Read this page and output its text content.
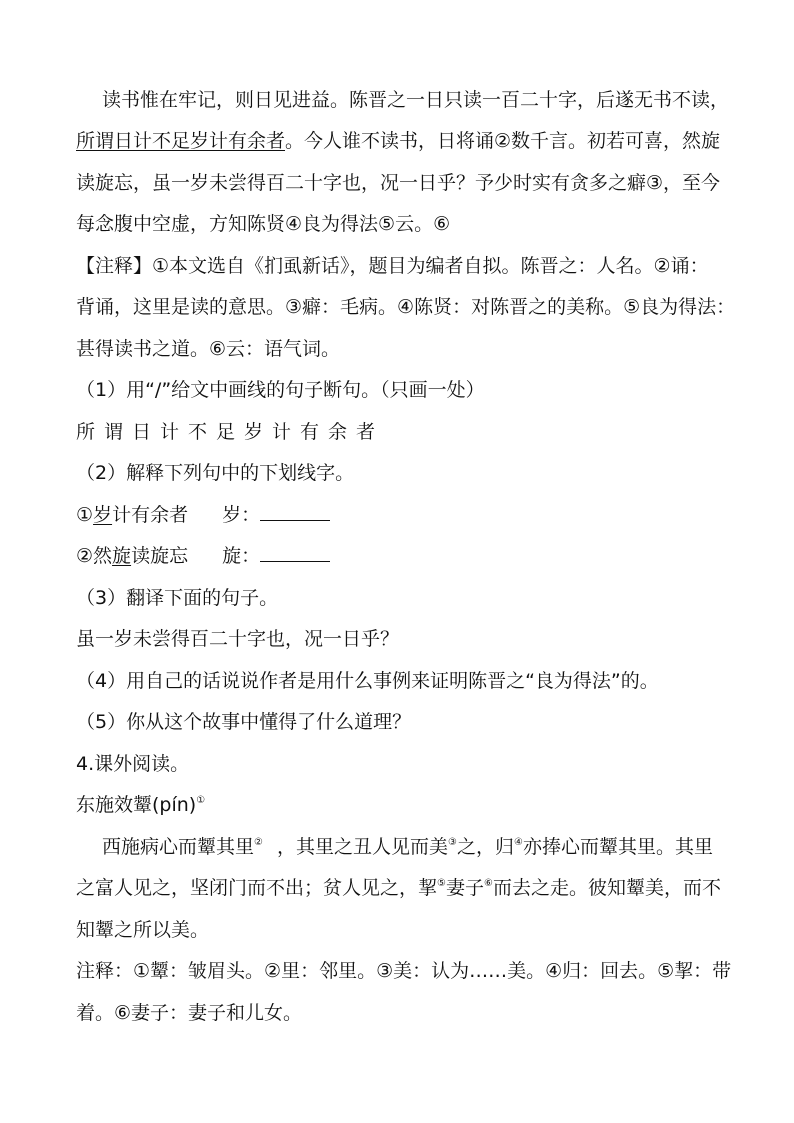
读书惟在牢记，则日见进益。陈晋之一日只读一百二十字，后遂无书不读，
所谓日计不足岁计有余者。今人谁不读书，日将诵②数千言。初若可喜，然旋
读旋忘，虽一岁未尝得百二十字也，况一日乎？予少时实有贪多之癖③，至今
每念腹中空虚，方知陈贤④良为得法⑤云。⑥
【注释】①本文选自《扪虱新话》，题目为编者自拟。陈晋之：人名。②诵：
背诵，这里是读的意思。③癖：毛病。④陈贤：对陈晋之的美称。⑤良为得法：
甚得读书之道。⑥云：语气词。
（1）用“/”给文中画线的句子断句。（只画一处）
所谓日计不足岁计有余者
（2）解释下列句中的下划线字。
①岁计有余者 岁：
②然旋读旋忘 旋：
（3）翻译下面的句子。
虽一岁未尝得百二十字也，况一日乎？
（4）用自己的话说说作者是用什么事例来证明陈晋之“良为得法”的。
（5）你从这个故事中懂得了什么道理？
4.课外阅读。
东施效颦(pín)①
西施病心而颦其里② ，其里之丑人见而美③之，归④亦捧心而颦其里。其里
之富人见之，坚闭门而不出；贫人见之，挈⑤妻子⑥而去之走。彼知颦美，而不
知颦之所以美。
注释：①颦：皱眉头。②里：邻里。③美：认为……美。④归：回去。⑤挈：带
着。⑥妻子：妻子和儿女。
